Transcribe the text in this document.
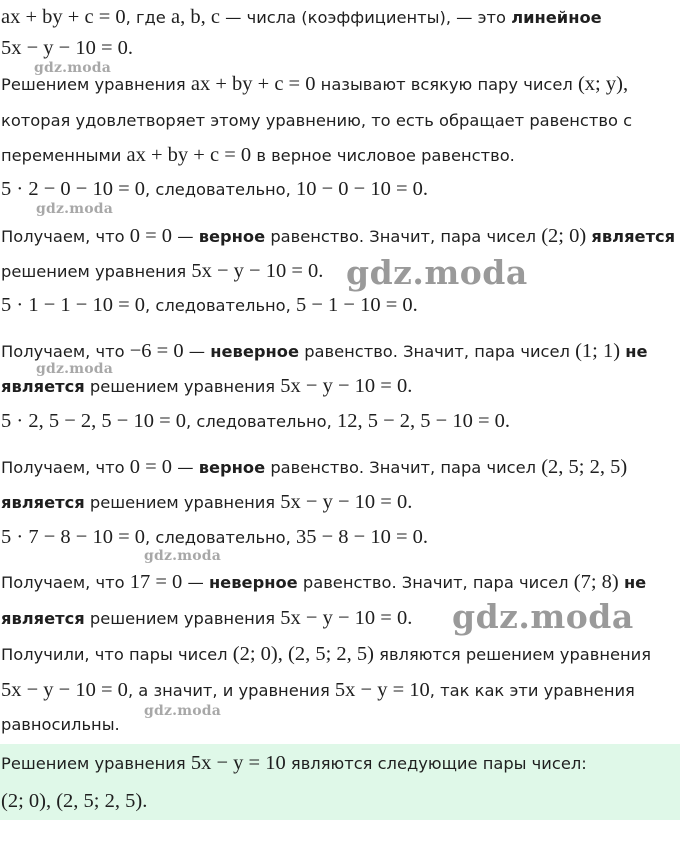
ax + by + c = 0, где a, b, c — числа (коэффициенты), — это линейное
5x − y − 10 = 0.
Решением уравнения ax + by + c = 0 называют всякую пару чисел (x; y),
которая удовлетворяет этому уравнению, то есть обращает равенство с
переменными ax + by + c = 0 в верное числовое равенство.
5 · 2 − 0 − 10 = 0, следовательно, 10 − 0 − 10 = 0.
Получаем, что 0 = 0 — верное равенство. Значит, пара чисел (2; 0) является
решением уравнения 5x − y − 10 = 0.
5 · 1 − 1 − 10 = 0, следовательно, 5 − 1 − 10 = 0.
Получаем, что −6 = 0 — неверное равенство. Значит, пара чисел (1; 1) не
является решением уравнения 5x − y − 10 = 0.
5 · 2, 5 − 2, 5 − 10 = 0, следовательно, 12, 5 − 2, 5 − 10 = 0.
Получаем, что 0 = 0 — верное равенство. Значит, пара чисел (2, 5; 2, 5)
является решением уравнения 5x − y − 10 = 0.
5 · 7 − 8 − 10 = 0, следовательно, 35 − 8 − 10 = 0.
Получаем, что 17 = 0 — неверное равенство. Значит, пара чисел (7; 8) не
является решением уравнения 5x − y − 10 = 0.
Получили, что пары чисел (2; 0), (2, 5; 2, 5) являются решением уравнения
5x − y − 10 = 0, а значит, и уравнения 5x − y = 10, так как эти уравнения
равносильны.
Решением уравнения 5x − y = 10 являются следующие пары чисел:
(2; 0), (2, 5; 2, 5).
gdz.moda
gdz.moda
gdz.moda
gdz.moda
gdz.moda
gdz.moda
gdz.moda
